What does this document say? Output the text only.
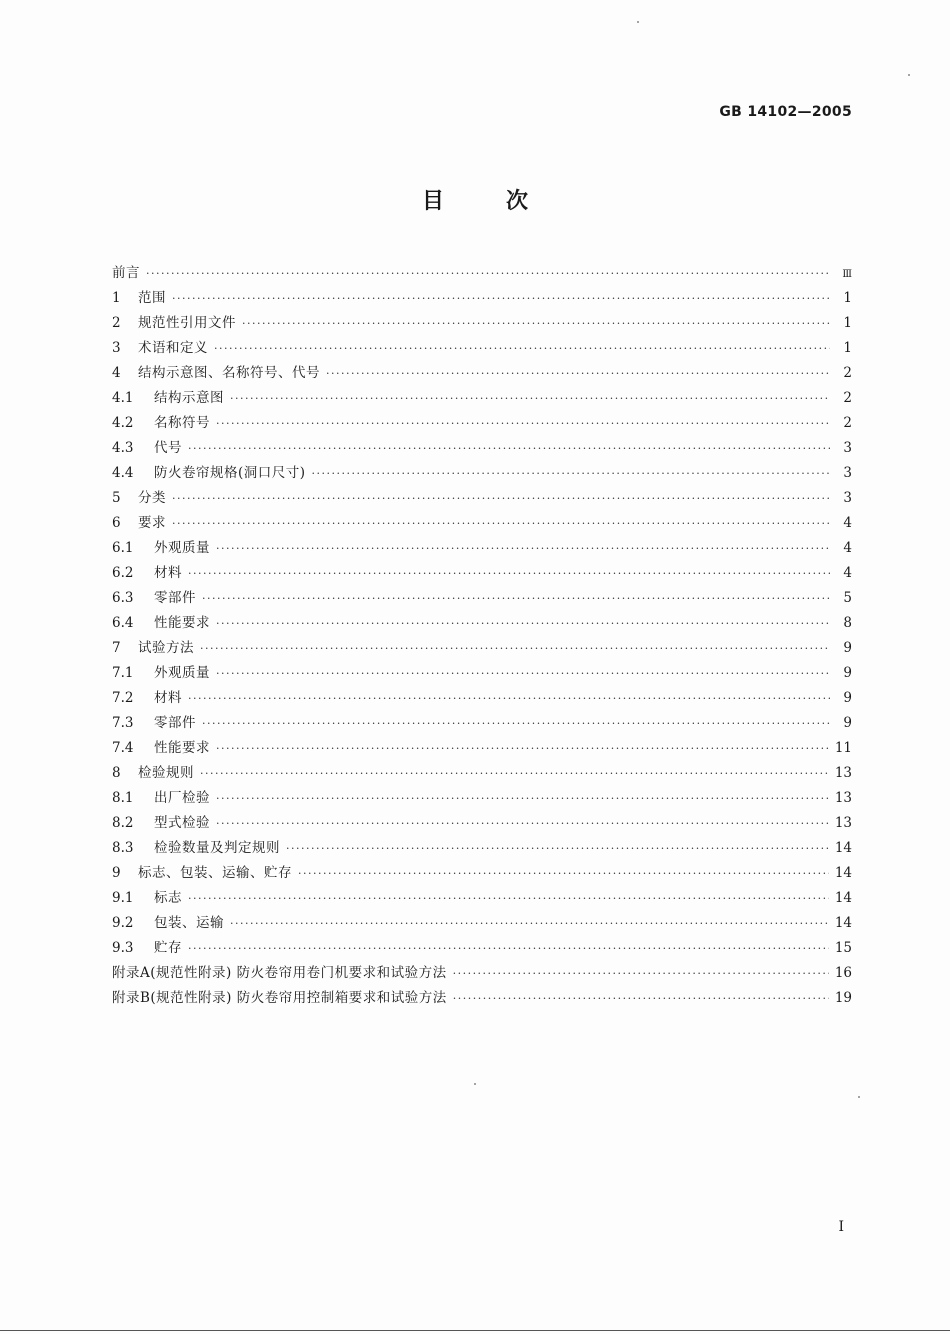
GB 14102—2005
目次
前言 ·····	Ⅲ
1	范围 ·····	1
2	规范性引用文件 ·····	1
3	术语和定义 ·····	1
4	结构示意图、名称符号、代号 ·····	2
4.1	结构示意图 ·····	2
4.2	名称符号 ·····	2
4.3	代号 ·····	3
4.4	防火卷帘规格(洞口尺寸) ·····	3
5	分类 ·····	3
6	要求 ·····	4
6.1	外观质量 ·····	4
6.2	材料 ·····	4
6.3	零部件 ·····	5
6.4	性能要求 ·····	8
7	试验方法 ·····	9
7.1	外观质量 ·····	9
7.2	材料 ·····	9
7.3	零部件 ·····	9
7.4	性能要求 ·····	11
8	检验规则 ·····	13
8.1	出厂检验 ·····	13
8.2	型式检验 ·····	13
8.3	检验数量及判定规则 ·····	14
9	标志、包装、运输、贮存 ·····	14
9.1	标志 ·····	14
9.2	包装、运输 ·····	14
9.3	贮存 ·····	15
附录A(规范性附录) 防火卷帘用卷门机要求和试验方法 ·····	16
附录B(规范性附录) 防火卷帘用控制箱要求和试验方法 ·····	19
I
